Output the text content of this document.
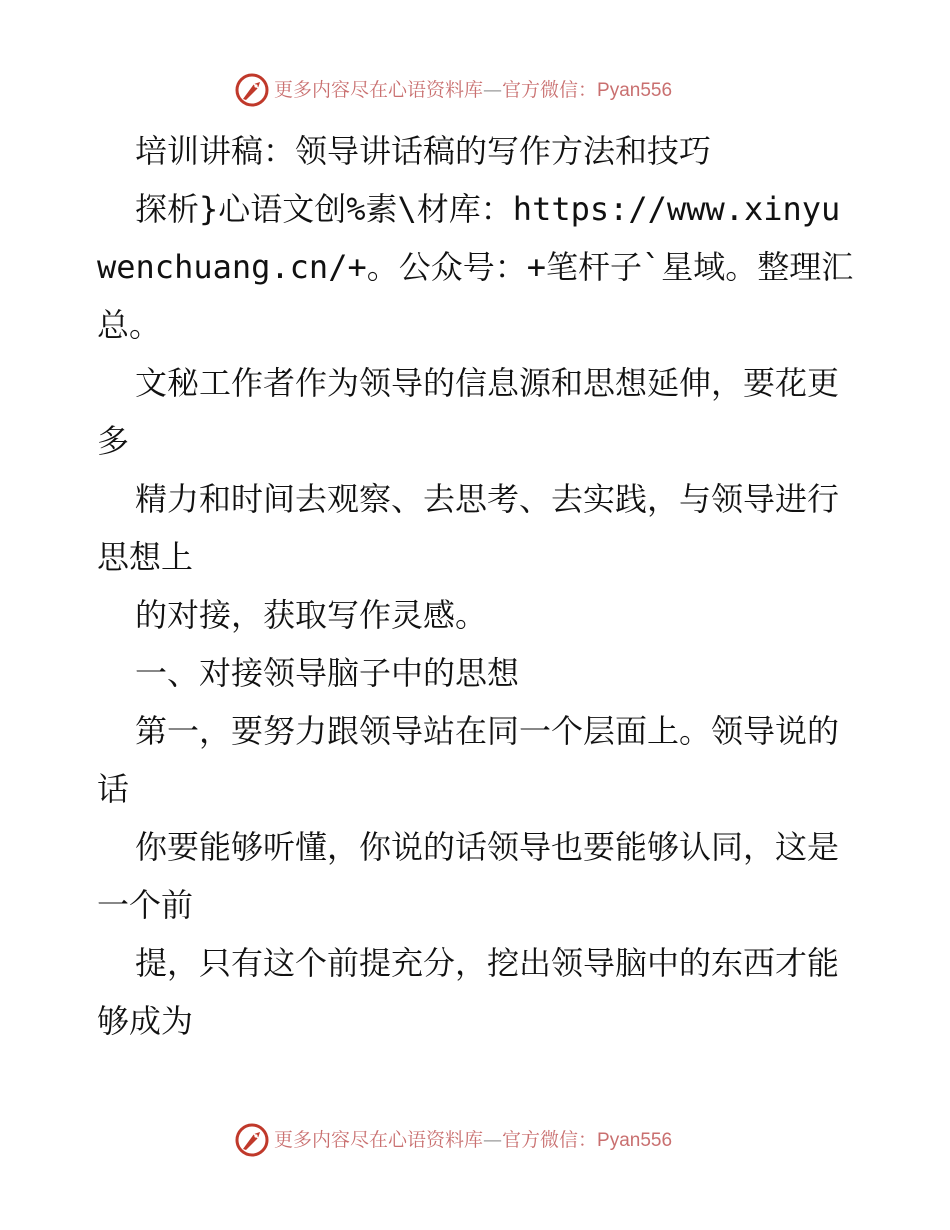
更多内容尽在心语资料库—官方微信：Pyan556

培训讲稿：领导讲话稿的写作方法和技巧

探析}心语文创%素\材库：https://www.xinyuwenchuang.cn/+。公众号：+笔杆子`星域。整理汇总。

文秘工作者作为领导的信息源和思想延伸，要花更多

精力和时间去观察、去思考、去实践，与领导进行思想上

的对接，获取写作灵感。

一、对接领导脑子中的思想

第一，要努力跟领导站在同一个层面上。领导说的话

你要能够听懂，你说的话领导也要能够认同，这是一个前

提，只有这个前提充分，挖出领导脑中的东西才能够成为

更多内容尽在心语资料库—官方微信：Pyan556
